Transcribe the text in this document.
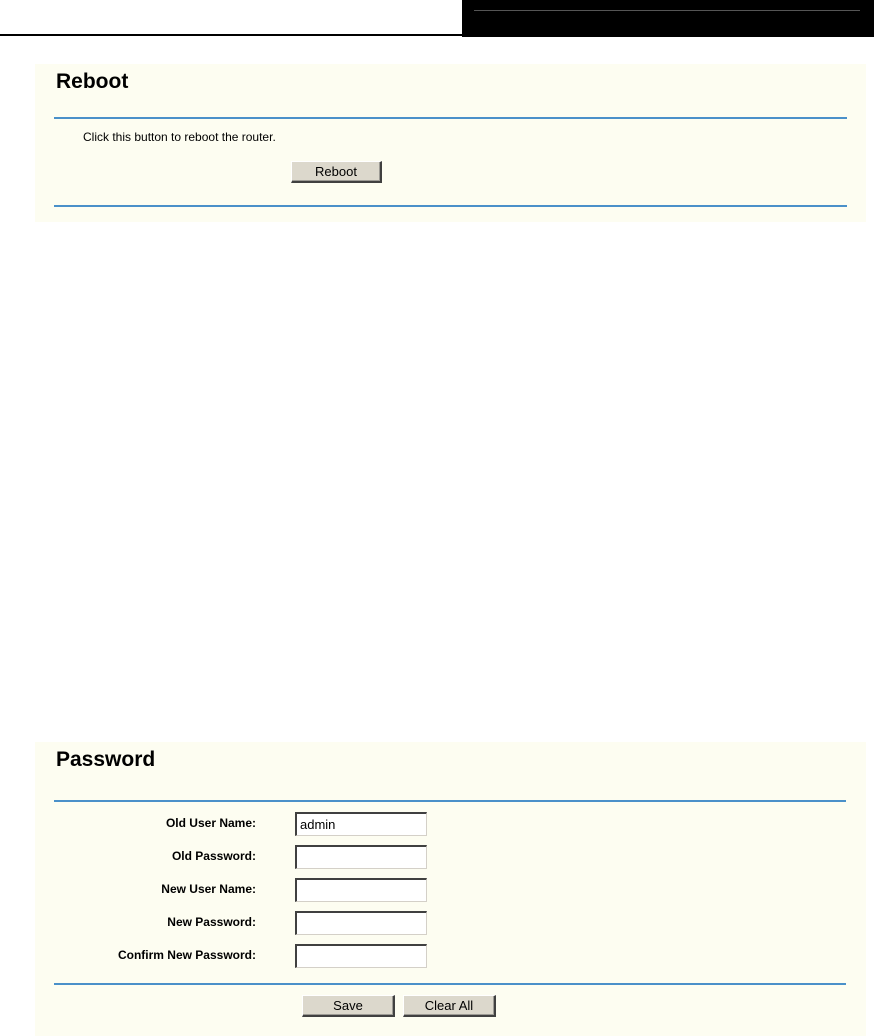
Reboot
Click this button to reboot the router.
Reboot
Password
Old User Name:
admin
Old Password:
New User Name:
New Password:
Confirm New Password:
Save	Clear All
